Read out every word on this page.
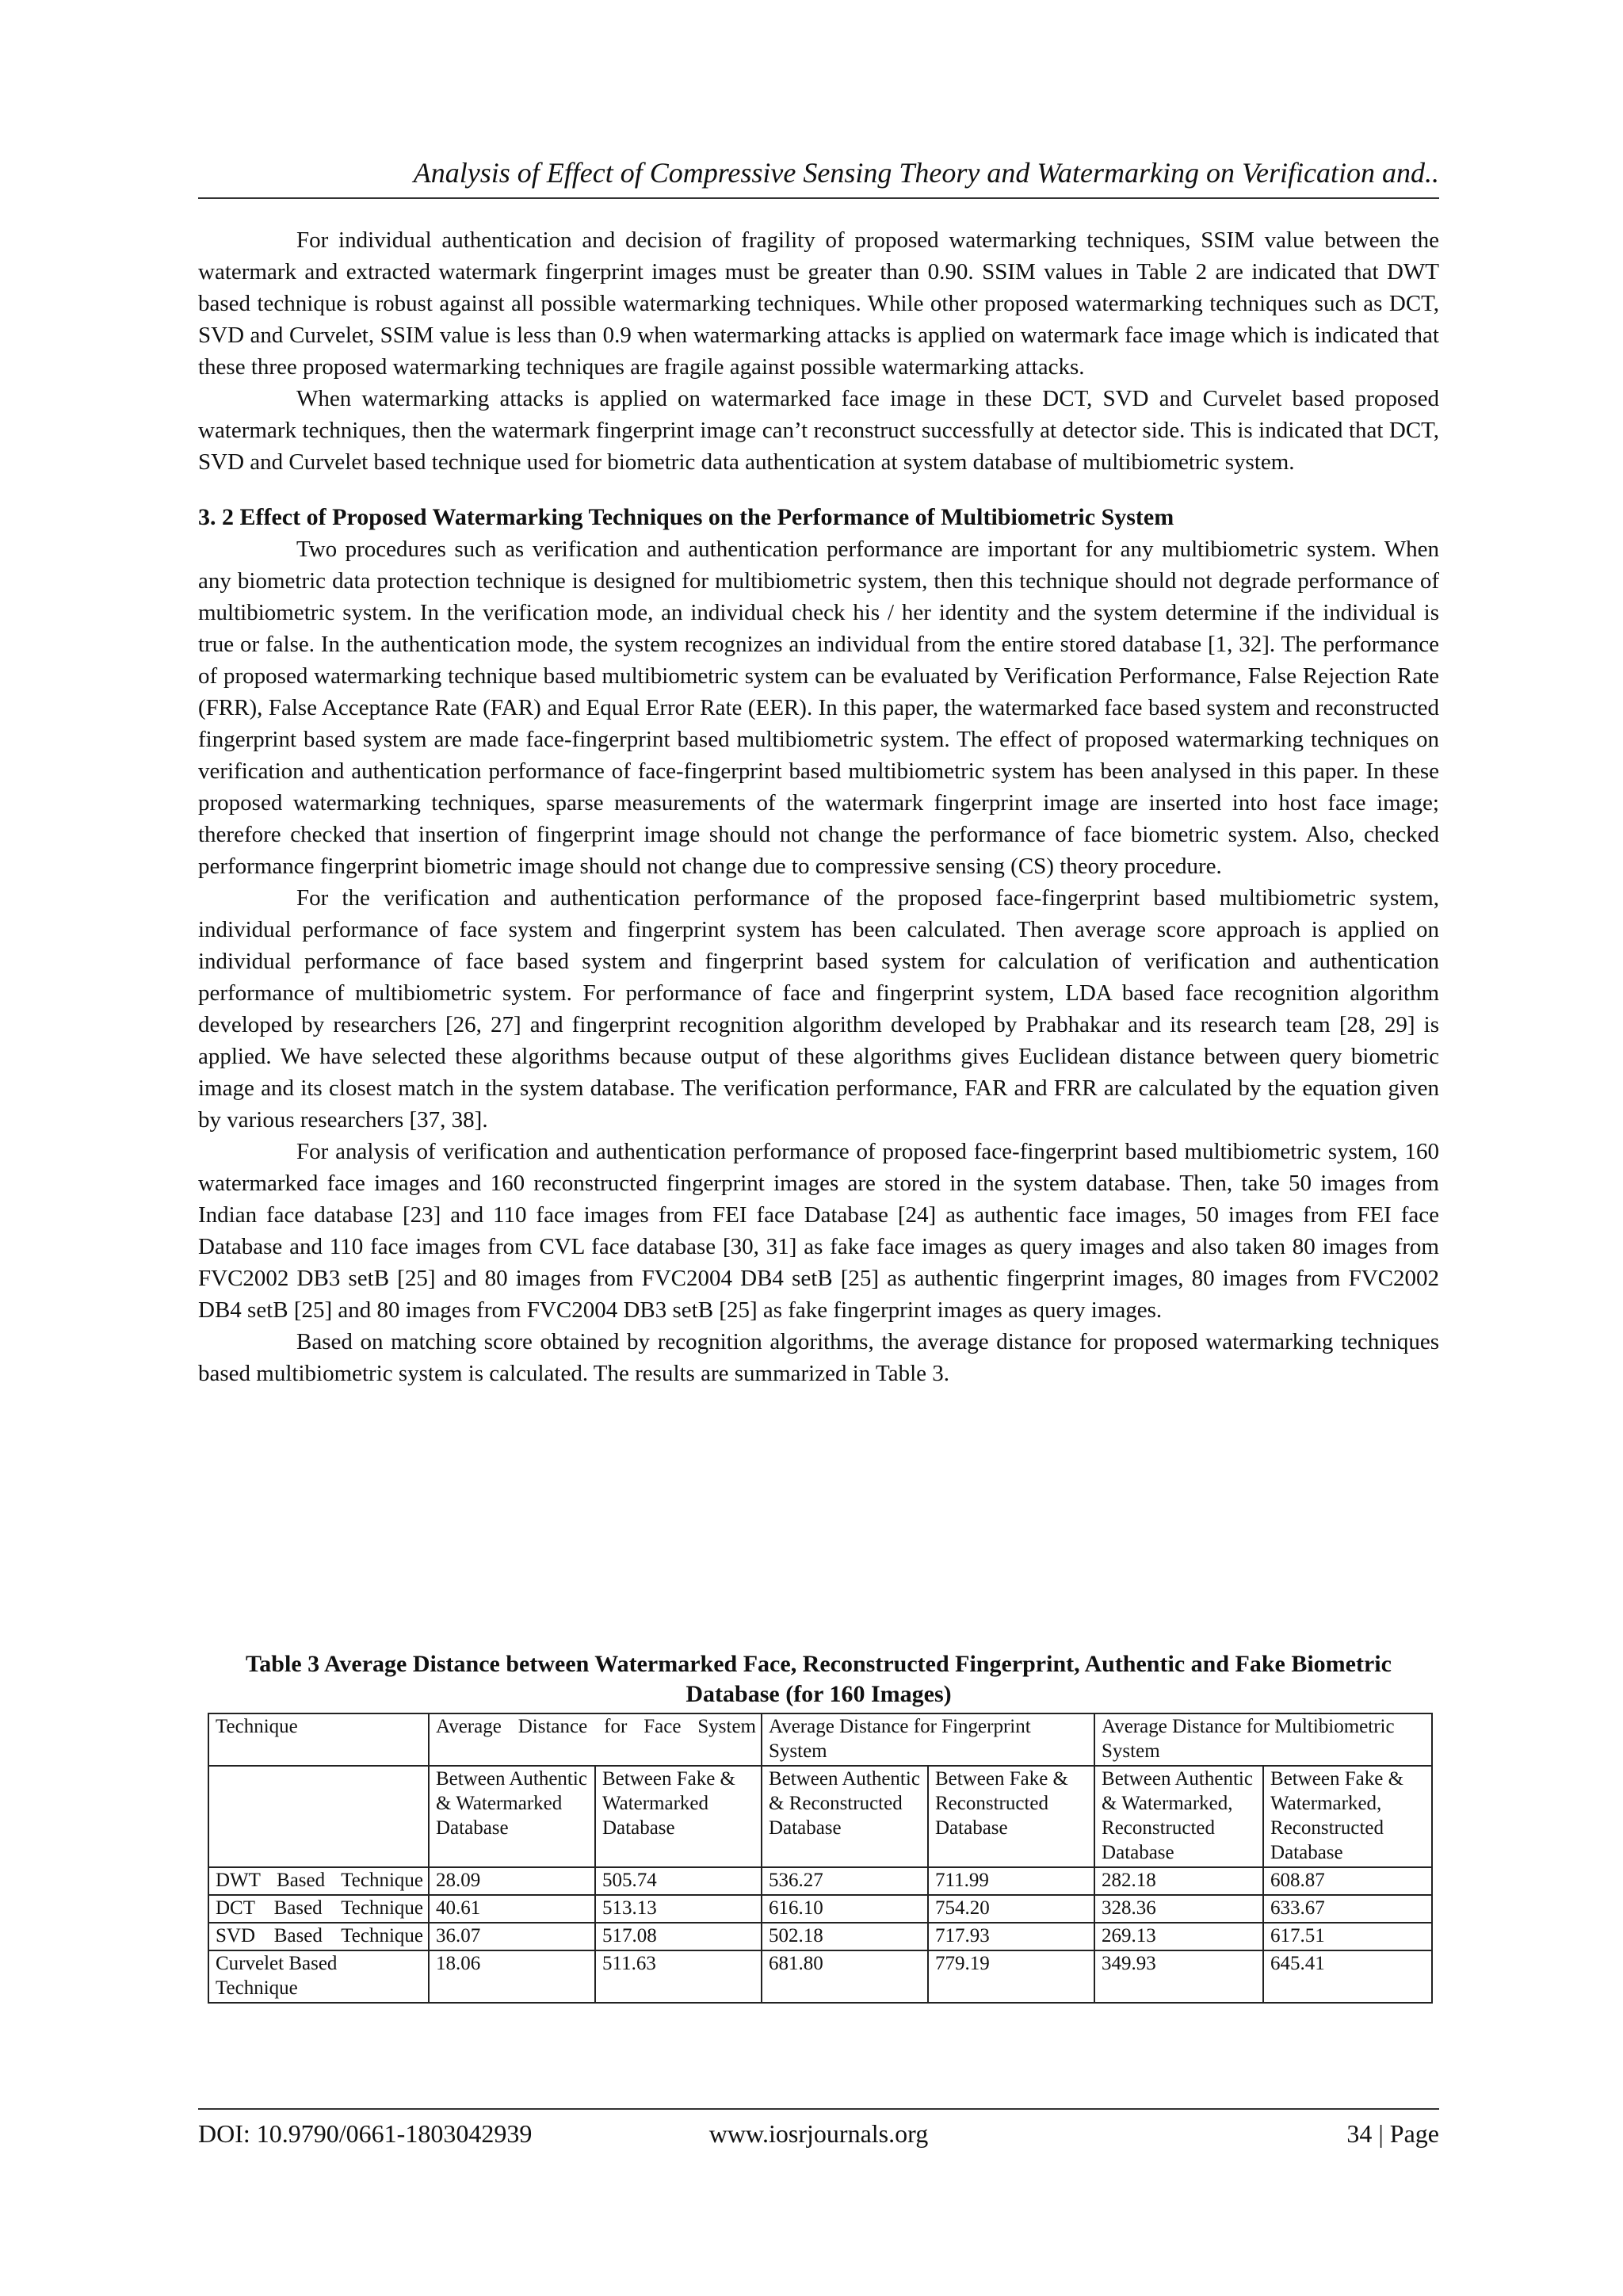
Analysis of Effect of Compressive Sensing Theory and Watermarking on Verification and..

For individual authentication and decision of fragility of proposed watermarking techniques, SSIM value between the watermark and extracted watermark fingerprint images must be greater than 0.90. SSIM values in Table 2 are indicated that DWT based technique is robust against all possible watermarking techniques. While other proposed watermarking techniques such as DCT, SVD and Curvelet, SSIM value is less than 0.9 when watermarking attacks is applied on watermark face image which is indicated that these three proposed watermarking techniques are fragile against possible watermarking attacks.

When watermarking attacks is applied on watermarked face image in these DCT, SVD and Curvelet based proposed watermark techniques, then the watermark fingerprint image can’t reconstruct successfully at detector side. This is indicated that DCT, SVD and Curvelet based technique used for biometric data authentication at system database of multibiometric system.

3. 2 Effect of Proposed Watermarking Techniques on the Performance of Multibiometric System

Two procedures such as verification and authentication performance are important for any multibiometric system. When any biometric data protection technique is designed for multibiometric system, then this technique should not degrade performance of multibiometric system. In the verification mode, an individual check his / her identity and the system determine if the individual is true or false. In the authentication mode, the system recognizes an individual from the entire stored database [1, 32]. The performance of proposed watermarking technique based multibiometric system can be evaluated by Verification Performance, False Rejection Rate (FRR), False Acceptance Rate (FAR) and Equal Error Rate (EER). In this paper, the watermarked face based system and reconstructed fingerprint based system are made face-fingerprint based multibiometric system. The effect of proposed watermarking techniques on verification and authentication performance of face-fingerprint based multibiometric system has been analysed in this paper. In these proposed watermarking techniques, sparse measurements of the watermark fingerprint image are inserted into host face image; therefore checked that insertion of fingerprint image should not change the performance of face biometric system. Also, checked performance fingerprint biometric image should not change due to compressive sensing (CS) theory procedure.

For the verification and authentication performance of the proposed face-fingerprint based multibiometric system, individual performance of face system and fingerprint system has been calculated. Then average score approach is applied on individual performance of face based system and fingerprint based system for calculation of verification and authentication performance of multibiometric system. For performance of face and fingerprint system, LDA based face recognition algorithm developed by researchers [26, 27] and fingerprint recognition algorithm developed by Prabhakar and its research team [28, 29] is applied. We have selected these algorithms because output of these algorithms gives Euclidean distance between query biometric image and its closest match in the system database. The verification performance, FAR and FRR are calculated by the equation given by various researchers [37, 38].

For analysis of verification and authentication performance of proposed face-fingerprint based multibiometric system, 160 watermarked face images and 160 reconstructed fingerprint images are stored in the system database. Then, take 50 images from Indian face database [23] and 110 face images from FEI face Database [24] as authentic face images, 50 images from FEI face Database and 110 face images from CVL face database [30, 31] as fake face images as query images and also taken 80 images from FVC2002 DB3 setB [25] and 80 images from FVC2004 DB4 setB [25] as authentic fingerprint images, 80 images from FVC2002 DB4 setB [25] and 80 images from FVC2004 DB3 setB [25] as fake fingerprint images as query images.

Based on matching score obtained by recognition algorithms, the average distance for proposed watermarking techniques based multibiometric system is calculated. The results are summarized in Table 3.

Table 3 Average Distance between Watermarked Face, Reconstructed Fingerprint, Authentic and Fake Biometric Database (for 160 Images)
Technique	Average Distance for Face System		Average Distance for Fingerprint System		Average Distance for Multibiometric System	
	Between Authentic & Watermarked Database	Between Fake & Watermarked Database	Between Authentic & Reconstructed Database	Between Fake & Reconstructed Database	Between Authentic & Watermarked, Reconstructed Database	Between Fake & Watermarked, Reconstructed Database
DWT Based Technique	28.09	505.74	536.27	711.99	282.18	608.87
DCT Based Technique	40.61	513.13	616.10	754.20	328.36	633.67
SVD Based Technique	36.07	517.08	502.18	717.93	269.13	617.51
Curvelet Based Technique	18.06	511.63	681.80	779.19	349.93	645.41
DOI: 10.9790/0661-1803042939	www.iosrjournals.org	34 | Page
